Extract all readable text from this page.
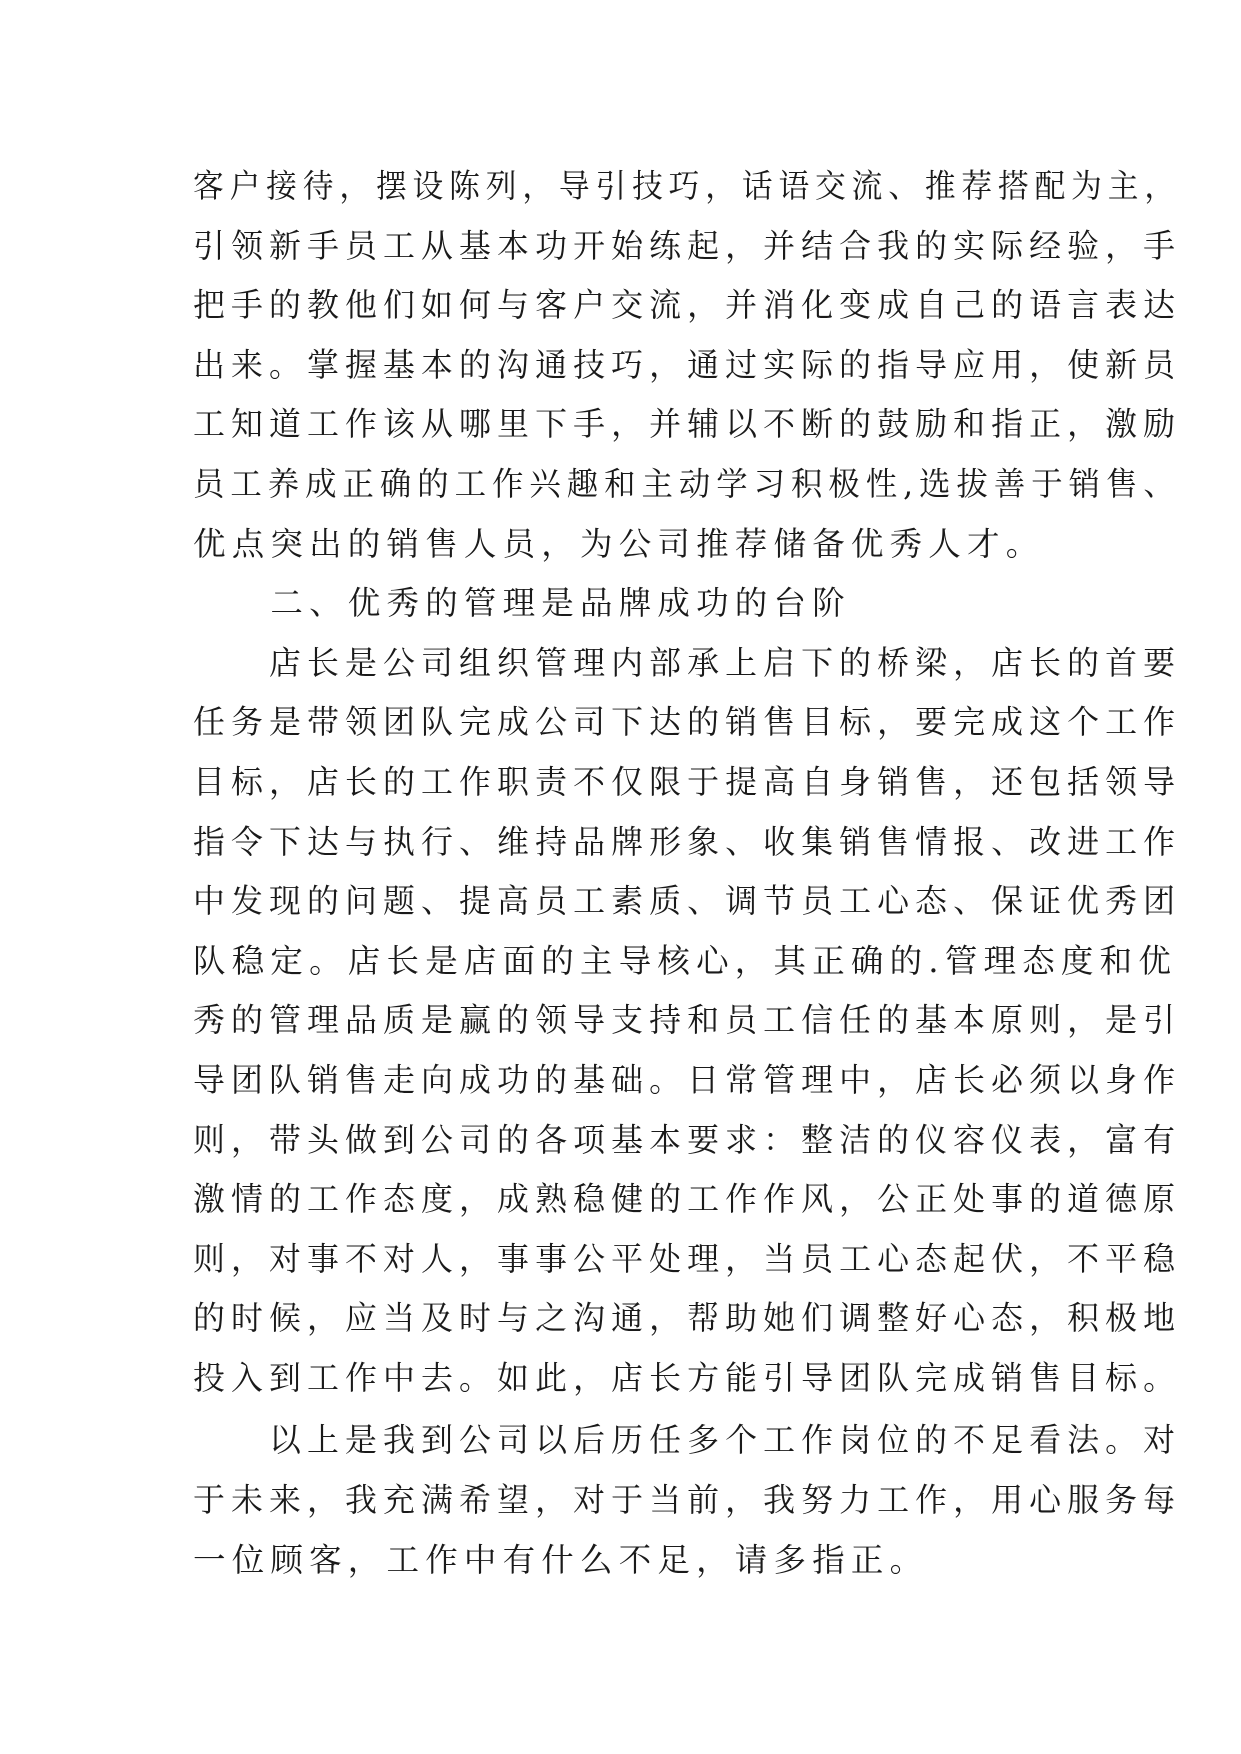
客户接待，摆设陈列，导引技巧，话语交流、推荐搭配为主，
引领新手员工从基本功开始练起，并结合我的实际经验，手
把手的教他们如何与客户交流，并消化变成自己的语言表达
出来。掌握基本的沟通技巧，通过实际的指导应用，使新员
工知道工作该从哪里下手，并辅以不断的鼓励和指正，激励
员工养成正确的工作兴趣和主动学习积极性,选拔善于销售、
优点突出的销售人员，为公司推荐储备优秀人才。
　　二、优秀的管理是品牌成功的台阶
　　店长是公司组织管理内部承上启下的桥梁，店长的首要
任务是带领团队完成公司下达的销售目标，要完成这个工作
目标，店长的工作职责不仅限于提高自身销售，还包括领导
指令下达与执行、维持品牌形象、收集销售情报、改进工作
中发现的问题、提高员工素质、调节员工心态、保证优秀团
队稳定。店长是店面的主导核心，其正确的.管理态度和优
秀的管理品质是赢的领导支持和员工信任的基本原则，是引
导团队销售走向成功的基础。日常管理中，店长必须以身作
则，带头做到公司的各项基本要求：整洁的仪容仪表，富有
激情的工作态度，成熟稳健的工作作风，公正处事的道德原
则，对事不对人，事事公平处理，当员工心态起伏，不平稳
的时候，应当及时与之沟通，帮助她们调整好心态，积极地
投入到工作中去。如此，店长方能引导团队完成销售目标。
　　以上是我到公司以后历任多个工作岗位的不足看法。对
于未来，我充满希望，对于当前，我努力工作，用心服务每
一位顾客，工作中有什么不足，请多指正。
